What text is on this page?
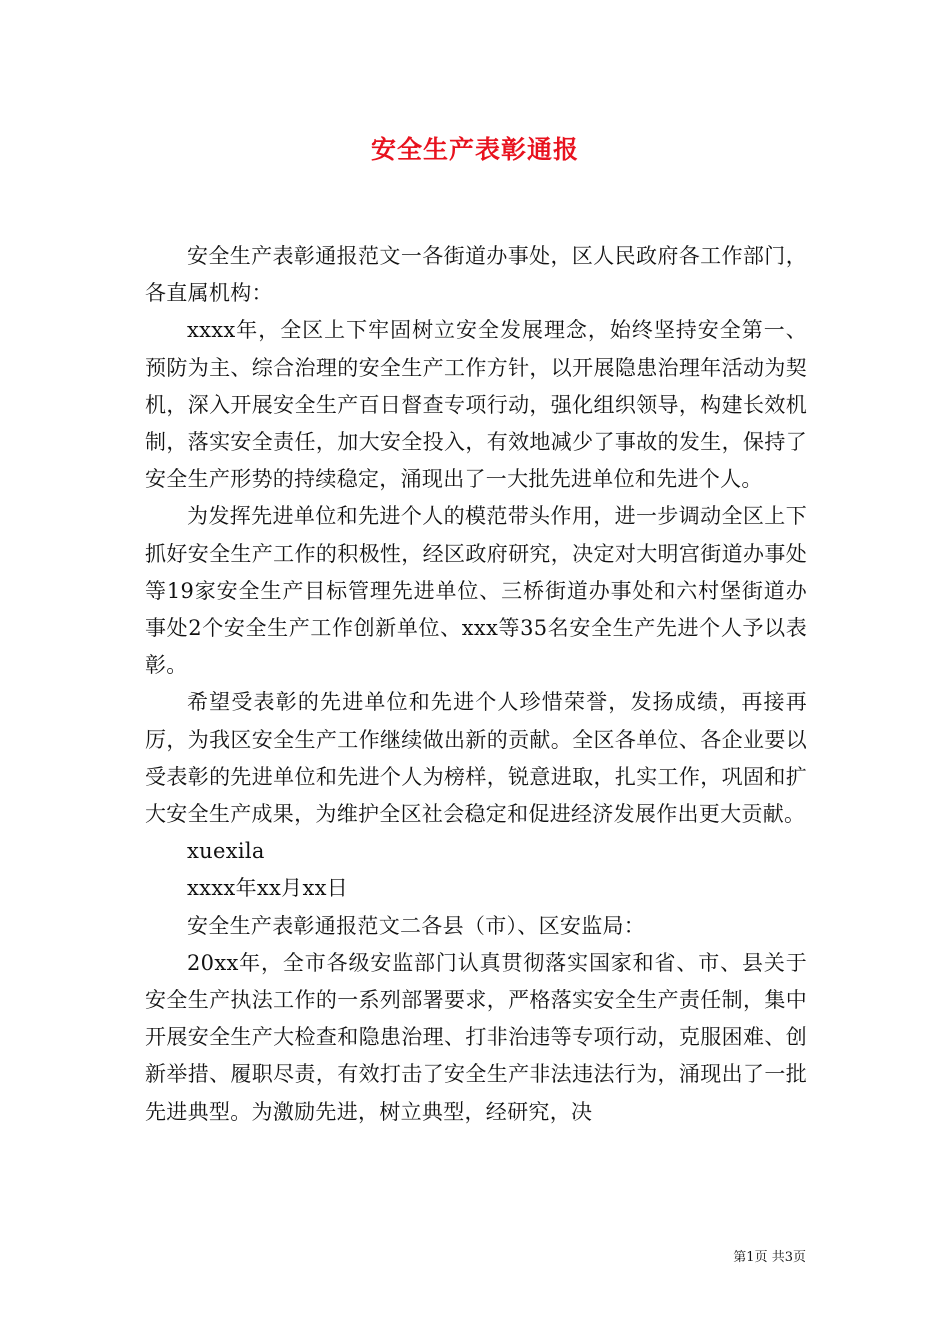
安全生产表彰通报

安全生产表彰通报范文一各街道办事处，区人民政府各工作部门，各直属机构：

xxxx年，全区上下牢固树立安全发展理念，始终坚持安全第一、预防为主、综合治理的安全生产工作方针，以开展隐患治理年活动为契机，深入开展安全生产百日督查专项行动，强化组织领导，构建长效机制，落实安全责任，加大安全投入，有效地减少了事故的发生，保持了安全生产形势的持续稳定，涌现出了一大批先进单位和先进个人。

为发挥先进单位和先进个人的模范带头作用，进一步调动全区上下抓好安全生产工作的积极性，经区政府研究，决定对大明宫街道办事处等19家安全生产目标管理先进单位、三桥街道办事处和六村堡街道办事处2个安全生产工作创新单位、xxx等35名安全生产先进个人予以表彰。

希望受表彰的先进单位和先进个人珍惜荣誉，发扬成绩，再接再厉，为我区安全生产工作继续做出新的贡献。全区各单位、各企业要以受表彰的先进单位和先进个人为榜样，锐意进取，扎实工作，巩固和扩大安全生产成果，为维护全区社会稳定和促进经济发展作出更大贡献。

xuexila

xxxx年xx月xx日

安全生产表彰通报范文二各县（市）、区安监局：

20xx年，全市各级安监部门认真贯彻落实国家和省、市、县关于安全生产执法工作的一系列部署要求，严格落实安全生产责任制，集中开展安全生产大检查和隐患治理、打非治违等专项行动，克服困难、创新举措、履职尽责，有效打击了安全生产非法违法行为，涌现出了一批先进典型。为激励先进，树立典型，经研究，决

第1页 共3页
